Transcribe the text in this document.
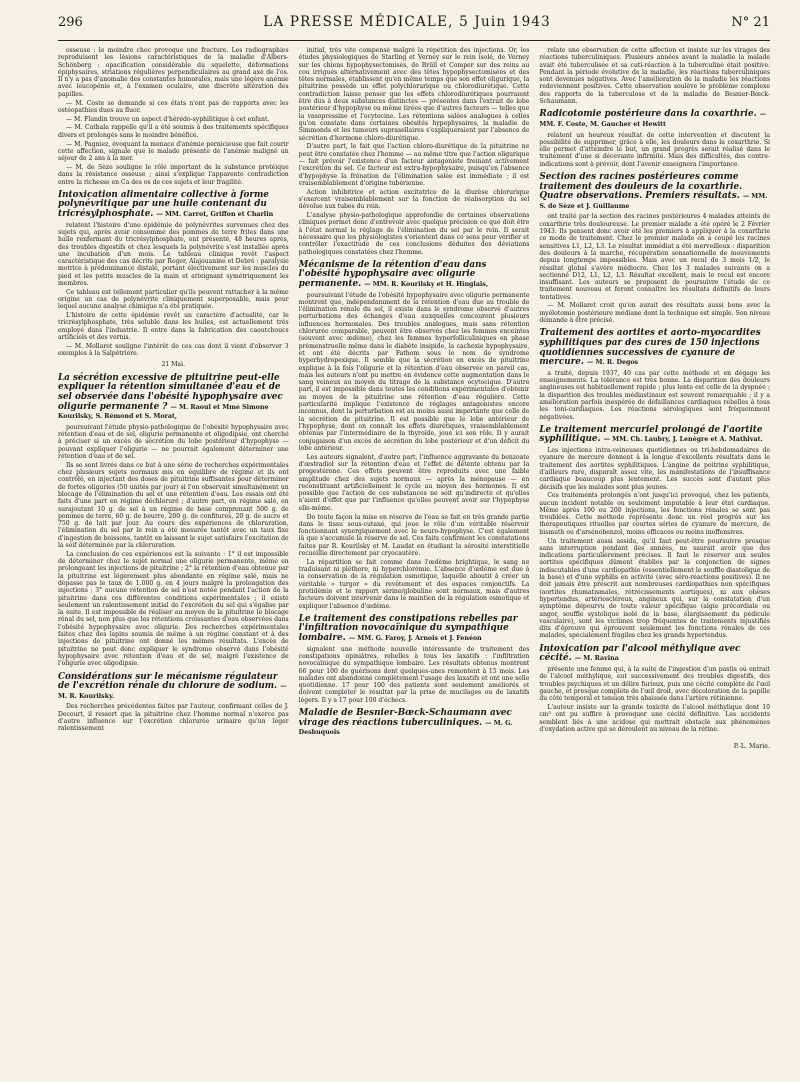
296	LA PRESSE MÉDICALE, 5 Juin 1943	N° 21

osseuse : le moindre choc provoque une fracture. Les radiographies reproduisent les lésions caractéristiques de la maladie d'Albers-Schönberg : opacification considérable du squelette, déformations épiphysaires, striations régulières perpendiculaires au grand axe de l'os. Il n'y a pas d'anomalie des constantes humorales, mais une légère anémie avec leucopénie et, à l'examen oculaire, une discrète altération des papilles.

— M. Coste se demande si ces états n'ont pas de rapports avec les ostéopathies dues au fluor.

— M. Flandin trouve un aspect d'hérédo-syphilitique à cet enfant.

— M. Cathala rappelle qu'il a été soumis à des traitements spécifiques divers et prolongés sans le moindre bénéfice.

— M. Pagniez, évoquant la menace d'anémie pernicieuse que fait courir cette affection, signale que le malade présente de l'anémie maligné un séjour de 2 ans à la mer.

— M. de Sèze souligne le rôle important de la substance protéique dans la résistance osseuse ; ainsi s'explique l'apparente contradiction entre la richesse en Ca des os de ces sujets et leur fragilité.

Intoxication alimentaire collective à forme polynévritique par une huile contenant du tricrésylphosphate. — MM. Carrot, Griffon et Charlin

relatent l'histoire d'une épidémie de polynévrites survenues chez des sujets qui, après avoir consommé des pommes de terre frites dans une huile renfermant du tricrésylphosphate, ont présenté, 48 heures après, des troubles digestifs et chez lesquels la polynévrite s'est installée après une incubation d'un mois. Le tableau clinique revêt l'aspect caractéristique des cas décrits par Roger, Alajouanine et Debré : paralysie motrice à prédominance distale, portant électivement sur les muscles du pied et les petits muscles de la main et atteignant symétriquement les membres.

Ce tableau est tellement particulier qu'ils peuvent rattacher à la même origine un cas de polynévrite cliniquement superposable, mais pour lequel aucune analyse chimique n'a été pratiquée.

L'histoire de cette épidémie revêt un caractère d'actualité, car le tricrésylphosphate, très soluble dans les huiles, est actuellement très employé dans l'industrie. Il entre dans la fabrication des caoutchoucs artificiels et des vernis.

— M. Mollaret souligne l'intérêt de ces cas dont il vient d'observer 3 exemples à la Salpêtrière.

21 Mai.

La sécrétion excessive de pituitrine peut-elle expliquer la rétention simultanée d'eau et de sel observée dans l'obésité hypophysaire avec oligurie permanente ? — M. Raoul et Mme Simone Kourilsky, S. Rémond et S. Morat,

poursuivant l'étude physio-pathologique de l'obésité hypophysaire avec rétention d'eau et de sel, oligurie permanente et oligodipsie, ont cherché à préciser si un excès de sécrétion du lobe postérieur d'hypophyse — pouvant expliquer l'oligurie — ne pourrait également déterminer une rétention d'eau et de sel.

Ils se sont livrés dans ce but à une série de recherches expérimentales chez plusieurs sujets normaux mis en équilibre de régime et ils ont contrôlé, en injectant des doses de pituitrine suffisantes pour déterminer de fortes oliguries (50 unités par jour) si l'on observait simultanément un blocage de l'élimination du sel et une rétention d'eau. Les essais ont été faits d'une part en régime déchloruré ; d'autre part, en régime salé, en surajoutant 10 g. de sel à un régime de base comprenant 500 g. de pommes de terre, 60 g. de beurre, 200 g. de confitures, 20 g. de sucre et 750 g. de lait par jour. Au cours des expériences de chloruration, l'élimination du sel par le rein a été mesurée tantôt avec un taux fixe d'ingestion de boissons, tantôt en laissant le sujet satisfaire l'excitation de la soif déterminée par la chloruration.

La conclusion de ces expériences est la suivante : 1° il est impossible de déterminer chez le sujet normal une oligurie permanente, même en prolongeant les injections de pituitrine ; 2° la rétention d'eau obtenue par la pituitrine est légèrement plus abondante en régime salé, mais ne dépasse pas le taux de 1.000 g. en 4 jours malgré la prolongation des injections ; 3° aucune rétention de sel n'est notée pendant l'action de la pituitrine dans ces différentes conditions expérimentales ; il existe seulement un ralentissement initial de l'excrétion du sel qui s'égalise par la suite. Il est impossible de réaliser au moyen de la pituitrine le blocage rénal du sel, non plus que les rétentions croissantes d'eau observées dans l'obésité hypophysaire avec oligurie. Des recherches expérimentales faites chez des lapins soumis de même à un régime constant et à des injections de pituitrine ont donné les mêmes résultats. L'excès de pituitrine ne peut donc expliquer le syndrome observé dans l'obésité hypophysaire avec rétention d'eau et de sel, malgré l'existence de l'oligurie avec oligodipsie.

Considérations sur le mécanisme régulateur de l'excrétion rénale du chlorure de sodium. — M. R. Kourilsky.

Des recherches précédentes faites par l'auteur, confirmant celles de J. Decourt, il ressort que la pituitrine chez l'homme normal n'exerce pas d'autre influence sur l'excrétion chlorurée urinaire qu'un léger ralentissement

initial, très vite compensé malgré la répétition des injections. Or, les études physiologiques de Starling et Verney sur le rein isolé, de Verney sur les chiens hypophysectomisés, de Brüll et Comper sur des reins au cou irrigués alternativement avec des têtes hypophysectomisées et des têtes normales, établissent qu'en même temps que son effet oligurique, la pituitrine possède un effet polychlorurique ou chlorodiurétique. Cette contradiction laisse penser que les effets chlorodiurétiques pourraient être dus à deux substances distinctes — présentes dans l'extrait de lobe postérieur d'hypophyse ou même tirées que d'autres facteurs — telles que la vasopressine et l'ocytocine. Les rétentions salées analogues à celles qu'on constate dans certaines obésités hypophysaires, la maladie de Simmonds et les tumeurs suprasellaires s'expliqueraient par l'absence de sécrétion d'hormone chloro-diurétique.

D'autre part, le fait que l'action chloro-diurétique de la pituitrine ne peut être constatée chez l'homme — au même titre que l'action oligurique — fait prévoir l'existence d'un facteur antagoniste freinant activement l'excrétion du sel. Ce facteur est extra-hypophysaire, puisqu'en l'absence d'hypophyse la frénation de l'élimination salée est immédiate ; il est vraisemblablement d'origine tubérienne.

Action inhibitrice et action excitatrice de la diurèse chlorurique s'exercent vraisemblablement sur la fonction de réabsorption du sel dévolue aux tubes du rein.

L'analyse physio-pathologique approfondie de certaines observations cliniques permet donc d'entrevoir avec quelque précision ce que doit être à l'état normal le réglage de l'élimination du sel par le rein. Il serait nécessaire que les physiologistes s'orientent dans ce sens pour vérifier et contrôler l'exactitude de ces conclusions déduites des déviations pathologiques constatées chez l'homme.

Mécanisme de la rétention d'eau dans l'obésité hypophysaire avec oligurie permanente. — MM. R. Kourilsky et H. Hinglais,

poursuivant l'étude de l'obésité hypophysaire avec oligurie permanente montrent que, indépendamment de la rétention d'eau due au trouble de l'élimination rénale du sel, il existe dans le syndrome observé d'autres perturbations des échanges d'eau auxquelles concourent plusieurs influences hormonales. Des troubles analogues, mais sans rétention chlorurée comparable, peuvent être observés chez les femmes enceintes (souvent avec œdème), chez les femmes hyperfolliculiniques en phase prémenstruelle même dans le diabète insipide, la cachexie hypophysaire, et ont été décrits par Fathom sous le nom de syndrome hyperhydropexique. Il semble que la sécrétion en excès de pituitrine explique à la fois l'oligurie et la rétention d'eau observée en pareil cas, mais les auteurs n'ont pu mettre en évidence cette augmentation dans le sang veineux au moyen du titrage de la substance ocytocique. D'autre part, il est impossible dans toutes les conditions expérimentales d'obtenir au moyen de la pituitrine une rétention d'eau régulière. Cette particularité implique l'existence de réglages antagonistes encore inconnus, dont la perturbation est au moins aussi importante que celle de la sécrétion de pituitrine. Il est possible que le lobe antérieur de l'hypophyse, dont on connaît les effets diurétiques, vraisemblablement obtenus par l'intermédiaire de la thyroïde, joue ici son rôle. Il y aurait conjugaison d'un excès de sécrétion du lobe postérieur et d'un déficit du lobe antérieur.

Les auteurs signalent, d'autre part, l'influence aggravante du benzoate d'œstradiol sur la rétention d'eau et l'effet de détente obtenu par la progestérone. Ces effets peuvent être reproduits avec une faible amplitude chez des sujets normaux — après la ménopause — en reconstituant artificiellement le cycle au moyen des hormones. Il est possible que l'action de ces substances ne soit qu'indirecte et qu'elles n'aient d'effet que par l'influence qu'elles peuvent avoir sur l'hypophyse elle-même.

Do toute façon la mise en réserve de l'eau se fait en très grande partie dans le tissu sous-cutané, qui joue le rôle d'un véritable réservoir fonctionnant synergiquement avec le neuro-hypophyse. C'est également là que s'accumule la réserve de sel. Ces faits confirment les constatations faites par R. Kourilsky et M. Laudat en étudiant la sérosité interstitielle recueillie directement par cryocautère.

La répartition se fait comme dans l'œdème brightique, le sang ne traduisant ni pléthore, ni hyperchlorémie. L'absence d'œdème est due à la conservation de la régulation osmotique, laquelle aboutit à créer un véritable « turgor » du revêtement et des espaces conjonctifs. La protidémie et le rapport sérine/globuline sont normaux, mais d'autres facteurs doivent intervenir dans le maintien de la régulation osmotique et expliquer l'absence d'œdème.

Le traitement des constipations rebelles par l'infiltration novocaïnique du sympathique lombaire. — MM. G. Faroy, J. Arnois et J. Fenéon

signalent une méthode nouvelle intéressante de traitement des constipations opiniâtres, rebelles à tous les laxatifs : l'infiltration novocaïnique du sympathique lombaire. Les résultats obtenus montrent 66 pour 100 de guérisons dont quelques-unes remontent à 15 mois. Les malades ont abandonné complètement l'usage des laxatifs et ont une selle quotidienne. 17 pour 100 des patients sont seulement améliorés et doivent compléter le résultat par la prise de mucilages ou de laxatifs légers. Il y a 17 pour 100 d'échecs.

Maladie de Besnier-Bœck-Schaumann avec virage des réactions tuberculiniques. — M. G. Desbuquois

relate une observation de cette affection et insiste sur les virages des réactions tuberculiniques. Plusieurs années avant la maladie la malade avait été tuberculisée et sa cuti-réaction à la tuberculine était positive. Pendant la période évolutive de la maladie, les réactions tuberculiniques sont devenues négatives. Avec l'amélioration de la maladie les réactions redeviennent positives. Cette observation soulève le problème complexe des rapports de la tuberculose et de la maladie de Besnier-Bœck-Schaumann.

Radicotomie postérieure dans la coxarthrie. — MM. F. Coste, M. Gaucher et Hewitt

relatent un heureux résultat de cette intervention et discutent la possibilité de supprimer, grâce à elle, les douleurs dans la coxarthrie. Si elle permet d'atteindre le but, un grand progrès serait réalisé dans le traitement d'une si décevante infirmité. Mais des difficultés, des contre-indications sont à prévoir, dont l'avenir enseignera l'importance.

Section des racines postérieures comme traitement des douleurs de la coxarthrie. Quatre observations. Premiers résultats. — MM. S. de Sèze et J. Guillaume

ont traité par la section des racines postérieures 4 malades atteints de coxarthrie très douloureuse. Le premier malade a été opéré le 2 Février 1943. Ils pensent donc avoir été les premiers à appliquer à la coxarthrie ce mode de traitement. Chez le premier malade on a coupé les racines sensitives L1, L2, L3. Le résultat immédiat a été merveilleux : disparition des douleurs à la marche, récupération sensationnelle de mouvements depuis longtemps impossibles. Mais avec un recul de 3 mois 1/2, le résultat global s'avère médiocre. Chez les 3 malades suivants on a sectionné D12, L1, L2, L3. Résultat excellent, mais le recul est encore insuffisant. Les auteurs se proposent de poursuivre l'étude de ce traitement nouveau et feront connaître les résultats définitifs de leurs tentatives.

— M. Mollaret croit qu'on aurait des résultats aussi bons avec la myélotomie postérieure médiane dont la technique est simple. Son niveau demande à être précisé.

Traitement des aortites et aorto-myocardites syphilitiques par des cures de 150 injections quotidiennes successives de cyanure de mercure. — M. R. Degos

a traité, depuis 1937, 40 cas par cette méthode et en dégage les enseignements. La tolérance est très bonne. La disparition des douleurs angineuses est habituellement rapide ; plus lente est celle de la dyspnée ; la disparition des troubles médiastinaux est souvent remarquable ; il y a amélioration parfois inespérée de défaillances cardiaques rebelles à tous les toni-cardiaques. Les réactions sérologiques sont fréquemment négativées.

Le traitement mercuriel prolongé de l'aortite syphilitique. — MM. Ch. Laubry, J. Lenègre et A. Mathivat.

Les injections intra-veineuses quotidiennes ou tri-hebdomadaires de cyanure de mercure donnent à la longue d'excellents résultats dans le traitement des aortites syphilitiques. L'angine de poitrine syphilitique, d'ailleurs rare, disparaît assez vite, les manifestations de l'insuffisance cardiaque beaucoup plus lentement. Les succès sont d'autant plus décisifs que les malades sont plus jeunes.

Ces traitements prolongés n'ont jusqu'ici provoqué, chez les patients, aucun incident notable ou seulement imputable à leur état cardiaque. Même après 100 ou 200 injections, les fonctions rénales se sont pas troublées. Cette méthode représente donc un réel progrès sur les thérapeutiques rituelles par courtes séries de cyanure de mercure, de bismuth ou d'arsénobenzol, moins efficaces ou moins inoffensives.

Un traitement aussi assidu, qu'il faut peut-être poursuivre presque sans interruption pendant des années, ne saurait avoir que des indications particulièrement précises. Il faut le réserver aux seules aortites spécifiques dûment établies par la conjonction de signes indiscutables d'une cardiopathie (essentiellement le souffle diastolique de la base) et d'une syphilis en activité (avec séro-réactions positives). Il ne doit jamais être prescrit aux nombreuses cardiopathies non spécifiques (aortites rhumatismales, rétrécissements aortiques), ni aux obèses hypertendus, artérioscléreux, angineux qui, sur la constatation d'un symptôme dépourvu de toute valeur spécifique (algie précordiale ou angor, souffle systolique isolé de la base, élargissement du pédicule vasculaire), sont les victimes trop fréquentes de traitements injustifiés dits d'épreuve qui éprouvent seulement les fonctions rénales de ces malades, spécialement fragiles chez les grands hypertendus.

Intoxication par l'alcool méthylique avec cécité. — M. Ravina

présente une femme qui, à la suite de l'ingestion d'un pastis où entrait de l'alcool méthylique, eut successivement des troubles digestifs, des troubles psychiques et un délire furieux, puis une cécité complète de l'œil gauche, et presque complète de l'œil droit, avec décoloration de la papille du côté temporal et tension très abaissée dans l'artère rétinienne.

L'auteur insiste sur la grande toxicité de l'alcool méthylique dont 10 cm³ ont pu suffire à provoquer une cécité définitive. Les accidents semblent liés à une acidose qui mettrait obstacle aux phénomènes d'oxydation active qui se déroulent au niveau de la rétine.

P.-L. Marie.
